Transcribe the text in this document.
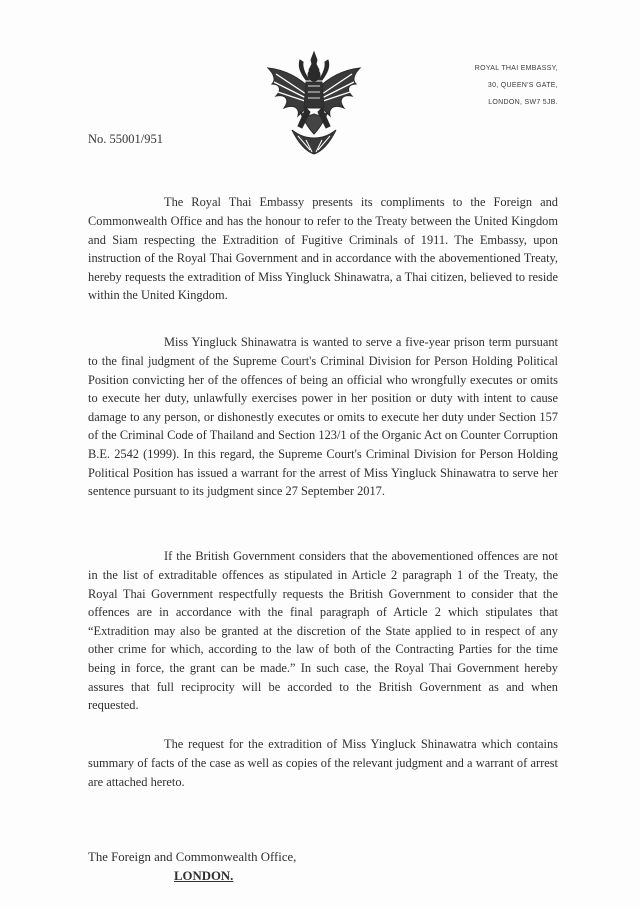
ROYAL THAI EMBASSY,
30, QUEEN'S GATE,
LONDON, SW7 5JB.
No. 55001/951

The Royal Thai Embassy presents its compliments to the Foreign and Commonwealth Office and has the honour to refer to the Treaty between the United Kingdom and Siam respecting the Extradition of Fugitive Criminals of 1911. The Embassy, upon instruction of the Royal Thai Government and in accordance with the abovementioned Treaty, hereby requests the extradition of Miss Yingluck Shinawatra, a Thai citizen, believed to reside within the United Kingdom.

Miss Yingluck Shinawatra is wanted to serve a five-year prison term pursuant to the final judgment of the Supreme Court's Criminal Division for Person Holding Political Position convicting her of the offences of being an official who wrongfully executes or omits to execute her duty, unlawfully exercises power in her position or duty with intent to cause damage to any person, or dishonestly executes or omits to execute her duty under Section 157 of the Criminal Code of Thailand and Section 123/1 of the Organic Act on Counter Corruption B.E. 2542 (1999). In this regard, the Supreme Court's Criminal Division for Person Holding Political Position has issued a warrant for the arrest of Miss Yingluck Shinawatra to serve her sentence pursuant to its judgment since 27 September 2017.

If the British Government considers that the abovementioned offences are not in the list of extraditable offences as stipulated in Article 2 paragraph 1 of the Treaty, the Royal Thai Government respectfully requests the British Government to consider that the offences are in accordance with the final paragraph of Article 2 which stipulates that “Extradition may also be granted at the discretion of the State applied to in respect of any other crime for which, according to the law of both of the Contracting Parties for the time being in force, the grant can be made.” In such case, the Royal Thai Government hereby assures that full reciprocity will be accorded to the British Government as and when requested.

The request for the extradition of Miss Yingluck Shinawatra which contains summary of facts of the case as well as copies of the relevant judgment and a warrant of arrest are attached hereto.

The Foreign and Commonwealth Office,
LONDON.
